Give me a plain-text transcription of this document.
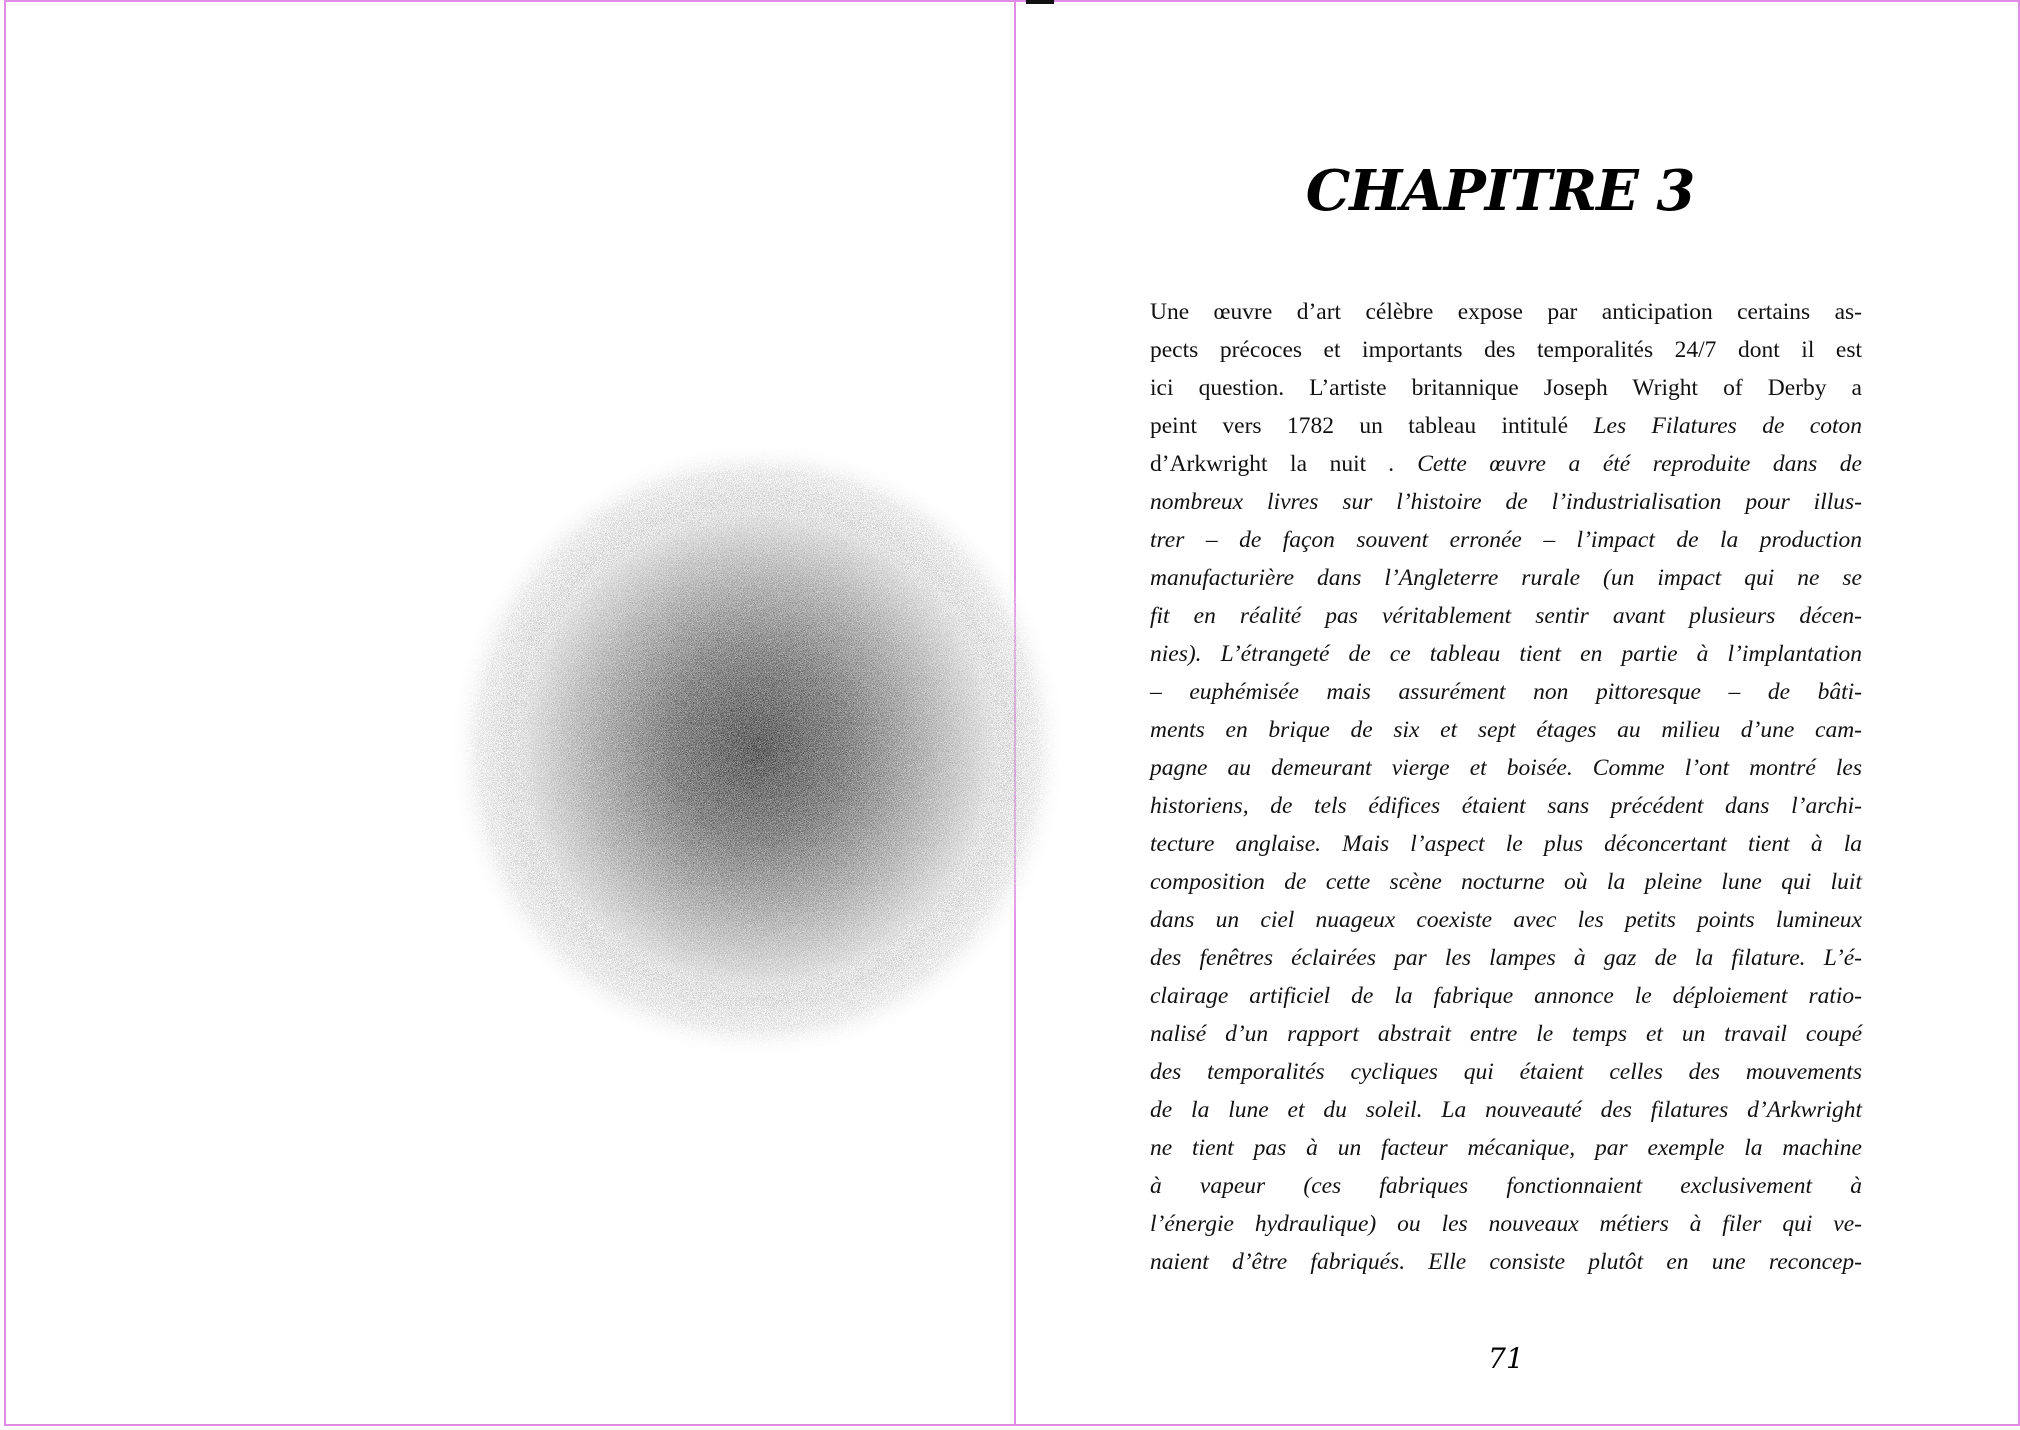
CHAPITRE 3
Une œuvre d’art célèbre expose par anticipation certains as-
pects précoces et importants des temporalités 24/7 dont il est
ici question. L’artiste britannique Joseph Wright of Derby a
peint vers 1782 un tableau intitulé Les Filatures de coton
d’Arkwright la nuit . Cette œuvre a été reproduite dans de
nombreux livres sur l’histoire de l’industrialisation pour illus-
trer – de façon souvent erronée – l’impact de la production
manufacturière dans l’Angleterre rurale (un impact qui ne se
fit en réalité pas véritablement sentir avant plusieurs décen-
nies). L’étrangeté de ce tableau tient en partie à l’implantation
– euphémisée mais assurément non pittoresque – de bâti-
ments en brique de six et sept étages au milieu d’une cam-
pagne au demeurant vierge et boisée. Comme l’ont montré les
historiens, de tels édifices étaient sans précédent dans l’archi-
tecture anglaise. Mais l’aspect le plus déconcertant tient à la
composition de cette scène nocturne où la pleine lune qui luit
dans un ciel nuageux coexiste avec les petits points lumineux
des fenêtres éclairées par les lampes à gaz de la filature. L’é-
clairage artificiel de la fabrique annonce le déploiement ratio-
nalisé d’un rapport abstrait entre le temps et un travail coupé
des temporalités cycliques qui étaient celles des mouvements
de la lune et du soleil. La nouveauté des filatures d’Arkwright
ne tient pas à un facteur mécanique, par exemple la machine
à vapeur (ces fabriques fonctionnaient exclusivement à
l’énergie hydraulique) ou les nouveaux métiers à filer qui ve-
naient d’être fabriqués. Elle consiste plutôt en une reconcep-
71
